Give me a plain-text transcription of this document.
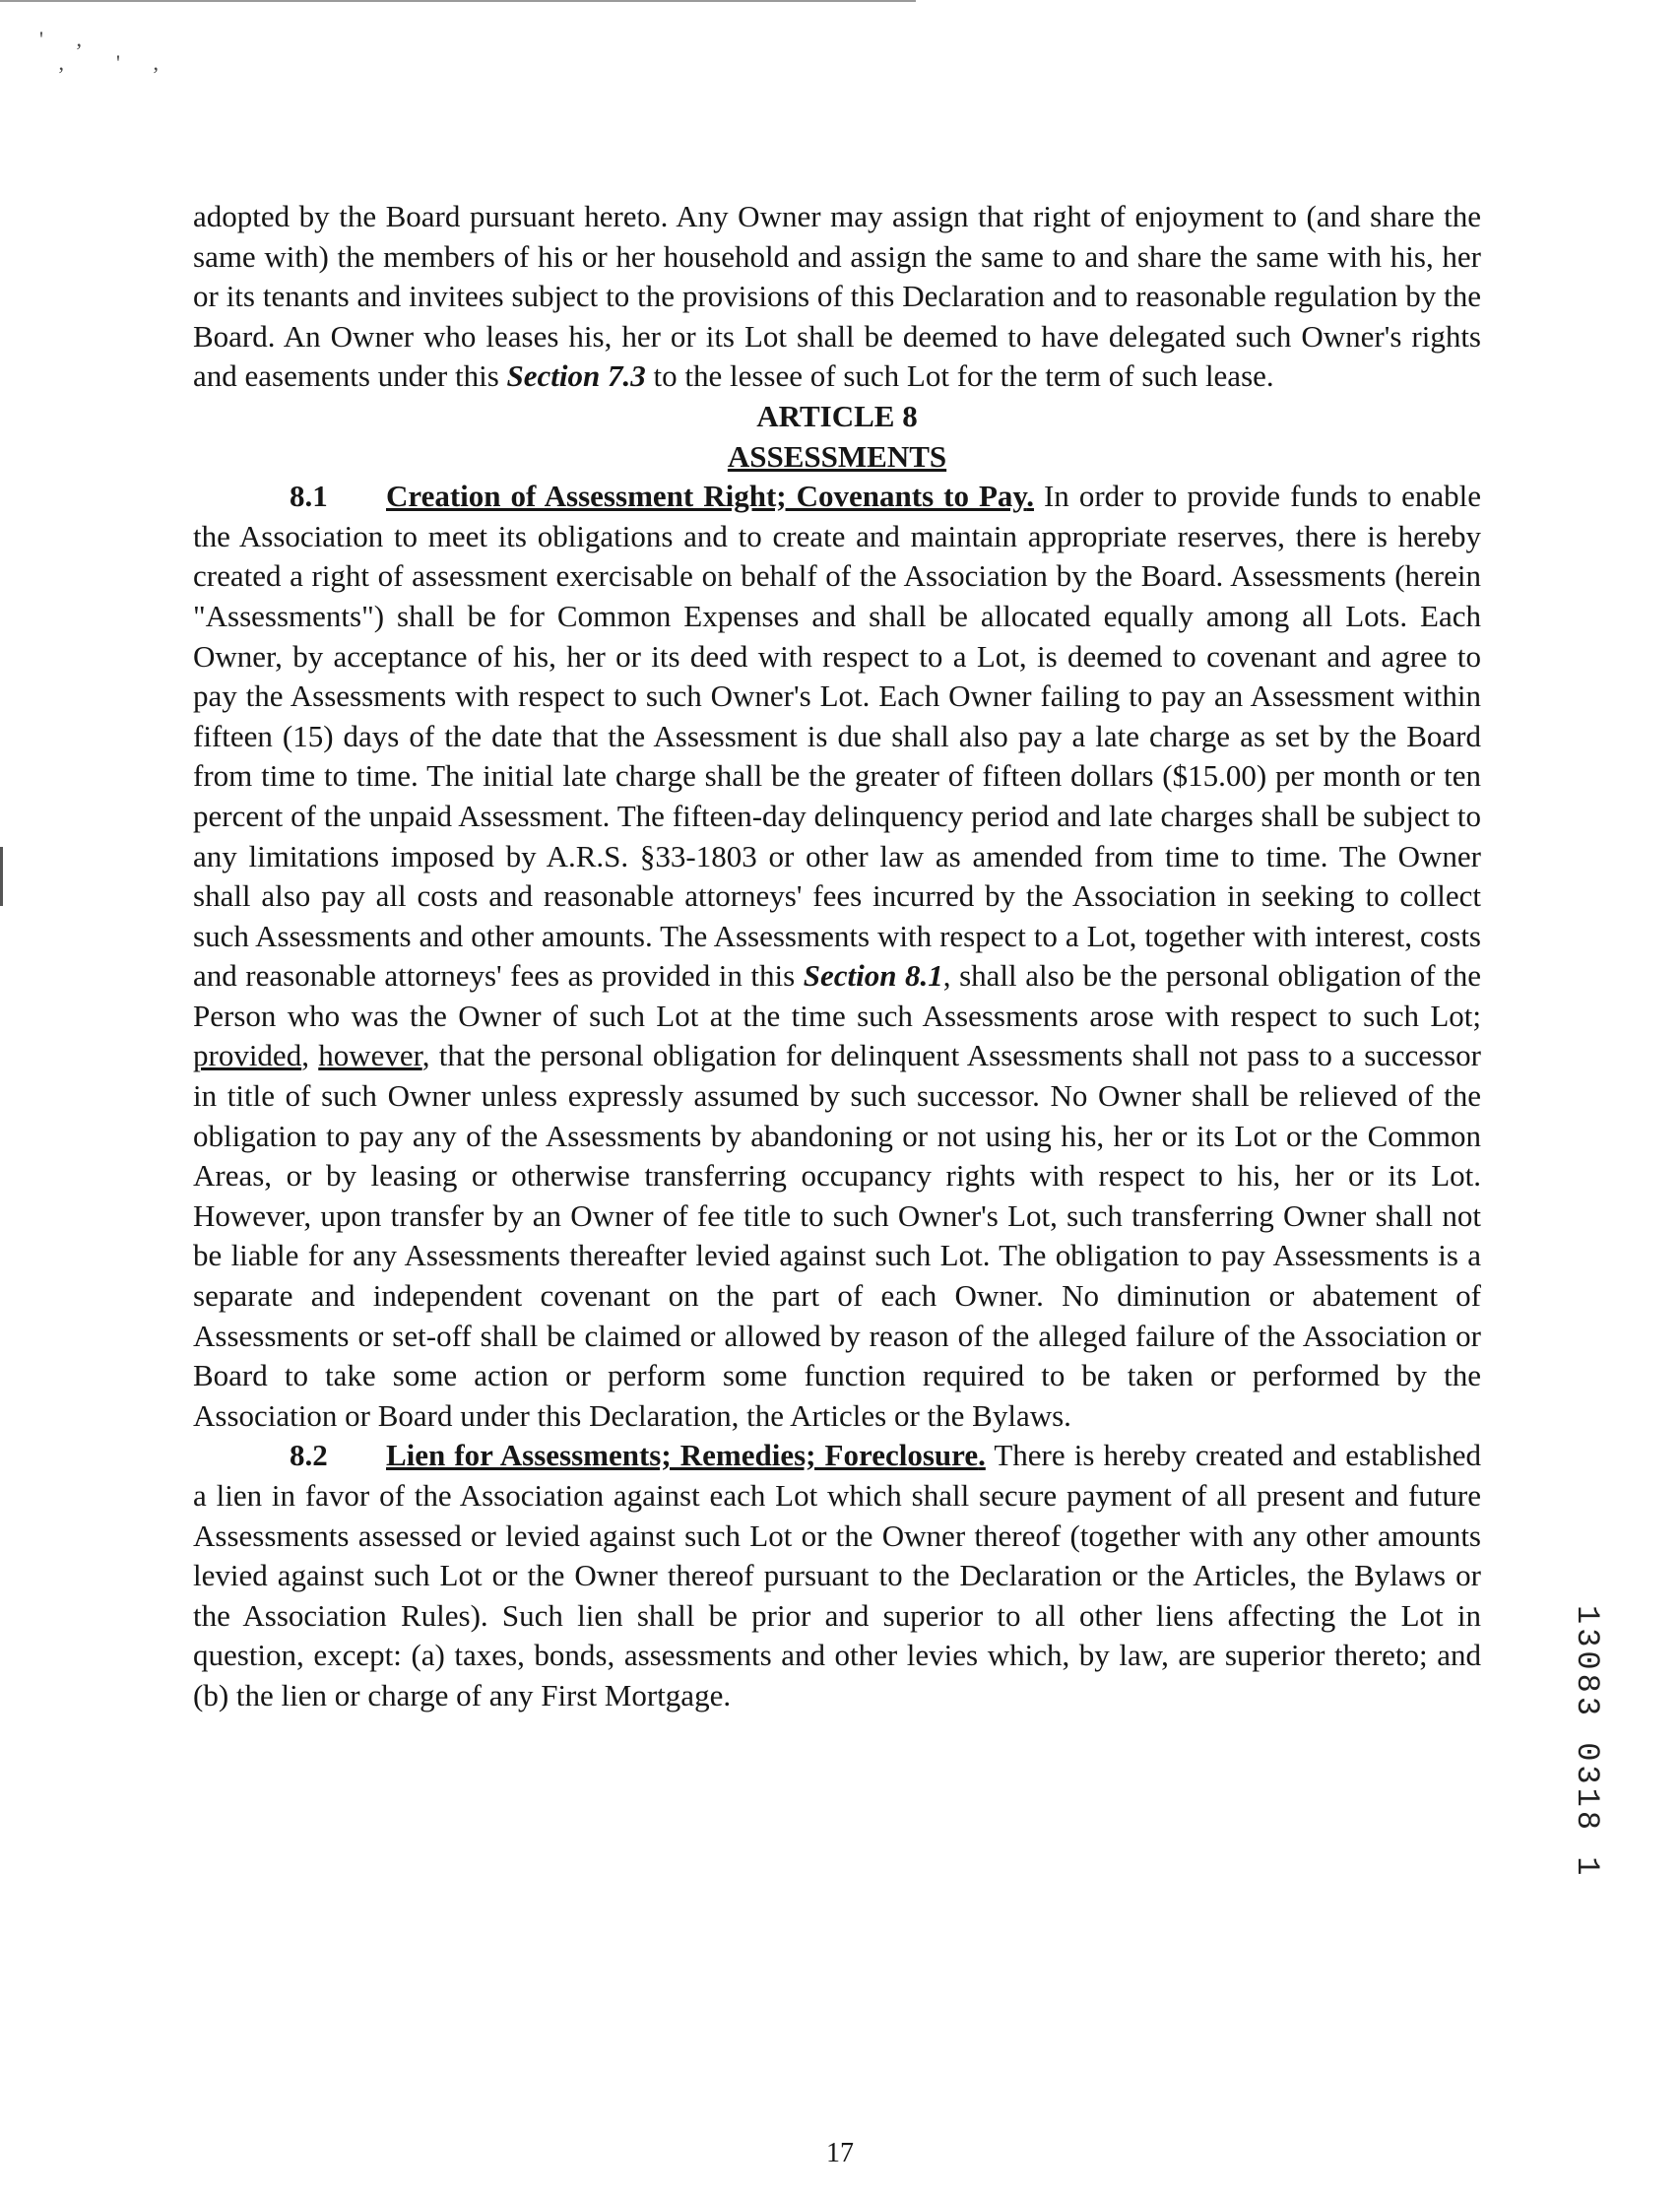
' ,
,  ' ,

adopted by the Board pursuant hereto. Any Owner may assign that right of enjoyment to (and share the same with) the members of his or her household and assign the same to and share the same with his, her or its tenants and invitees subject to the provisions of this Declaration and to reasonable regulation by the Board. An Owner who leases his, her or its Lot shall be deemed to have delegated such Owner's rights and easements under this Section 7.3 to the lessee of such Lot for the term of such lease.

ARTICLE 8

ASSESSMENTS

8.1 Creation of Assessment Right; Covenants to Pay. In order to provide funds to enable the Association to meet its obligations and to create and maintain appropriate reserves, there is hereby created a right of assessment exercisable on behalf of the Association by the Board. Assessments (herein "Assessments") shall be for Common Expenses and shall be allocated equally among all Lots. Each Owner, by acceptance of his, her or its deed with respect to a Lot, is deemed to covenant and agree to pay the Assessments with respect to such Owner's Lot. Each Owner failing to pay an Assessment within fifteen (15) days of the date that the Assessment is due shall also pay a late charge as set by the Board from time to time. The initial late charge shall be the greater of fifteen dollars ($15.00) per month or ten percent of the unpaid Assessment. The fifteen-day delinquency period and late charges shall be subject to any limitations imposed by A.R.S. §33-1803 or other law as amended from time to time. The Owner shall also pay all costs and reasonable attorneys' fees incurred by the Association in seeking to collect such Assessments and other amounts. The Assessments with respect to a Lot, together with interest, costs and reasonable attorneys' fees as provided in this Section 8.1, shall also be the personal obligation of the Person who was the Owner of such Lot at the time such Assessments arose with respect to such Lot; provided, however, that the personal obligation for delinquent Assessments shall not pass to a successor in title of such Owner unless expressly assumed by such successor. No Owner shall be relieved of the obligation to pay any of the Assessments by abandoning or not using his, her or its Lot or the Common Areas, or by leasing or otherwise transferring occupancy rights with respect to his, her or its Lot. However, upon transfer by an Owner of fee title to such Owner's Lot, such transferring Owner shall not be liable for any Assessments thereafter levied against such Lot. The obligation to pay Assessments is a separate and independent covenant on the part of each Owner. No diminution or abatement of Assessments or set-off shall be claimed or allowed by reason of the alleged failure of the Association or Board to take some action or perform some function required to be taken or performed by the Association or Board under this Declaration, the Articles or the Bylaws.

8.2 Lien for Assessments; Remedies; Foreclosure. There is hereby created and established a lien in favor of the Association against each Lot which shall secure payment of all present and future Assessments assessed or levied against such Lot or the Owner thereof (together with any other amounts levied against such Lot or the Owner thereof pursuant to the Declaration or the Articles, the Bylaws or the Association Rules). Such lien shall be prior and superior to all other liens affecting the Lot in question, except: (a) taxes, bonds, assessments and other levies which, by law, are superior thereto; and (b) the lien or charge of any First Mortgage.

17
13083 0318 1
